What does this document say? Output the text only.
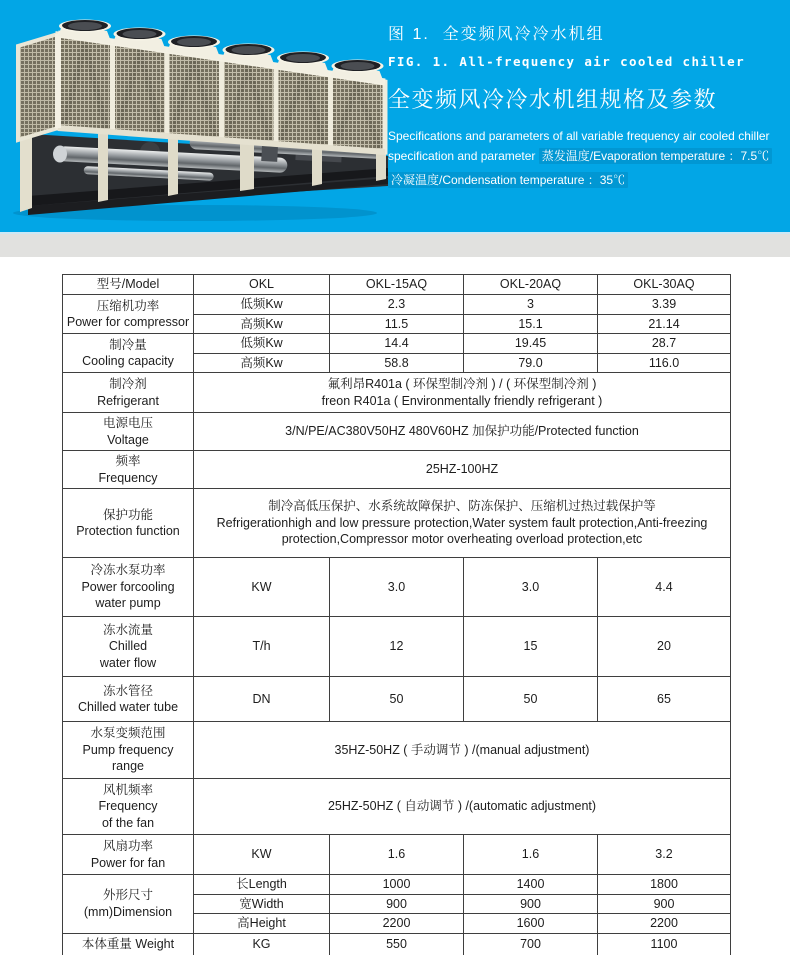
图 1.  全变频风冷冷水机组
FIG. 1. All-frequency air cooled chiller
全变频风冷冷水机组规格及参数
Specifications and parameters of all variable frequency air cooled chiller
specification and parameter 蒸发温度/Evaporation temperature ：7.5℃
冷凝温度/Condensation temperature ：35℃
型号/Model	OKL	OKL-15AQ	OKL-20AQ	OKL-30AQ
压缩机功率
Power for compressor	低频Kw	2.3	3	3.39
	高频Kw	11.5	15.1	21.14
制冷量
Cooling capacity	低频Kw	14.4	19.45	28.7
	高频Kw	58.8	79.0	116.0
制冷剂
Refrigerant	氟利昂R401a ( 环保型制冷剂 ) / ( 环保型制冷剂 )
freon R401a ( Environmentally friendly refrigerant )			
电源电压
Voltage	3/N/PE/AC380V50HZ 480V60HZ 加保护功能/Protected function			
频率
Frequency	25HZ-100HZ			
保护功能
Protection function	制冷高低压保护、水系统故障保护、防冻保护、压缩机过热过载保护等
Refrigerationhigh and low pressure protection,Water system fault protection,Anti-freezing protection,Compressor motor overheating overload protection,etc			
冷冻水泵功率
Power forcooling
water pump	KW	3.0	3.0	4.4
冻水流量
Chilled
water flow	T/h	12	15	20
冻水管径
Chilled water tube	DN	50	50	65
水泵变频范围
Pump frequency
range	35HZ-50HZ ( 手动调节 ) /(manual adjustment)			
风机频率
Frequency
of the fan	25HZ-50HZ ( 自动调节 ) /(automatic adjustment)			
风扇功率
Power for fan	KW	1.6	1.6	3.2
外形尺寸
(mm)Dimension	长Length	1000	1400	1800
	宽Width	900	900	900
	高Height	2200	1600	2200
本体重量 Weight	KG	550	700	1100
